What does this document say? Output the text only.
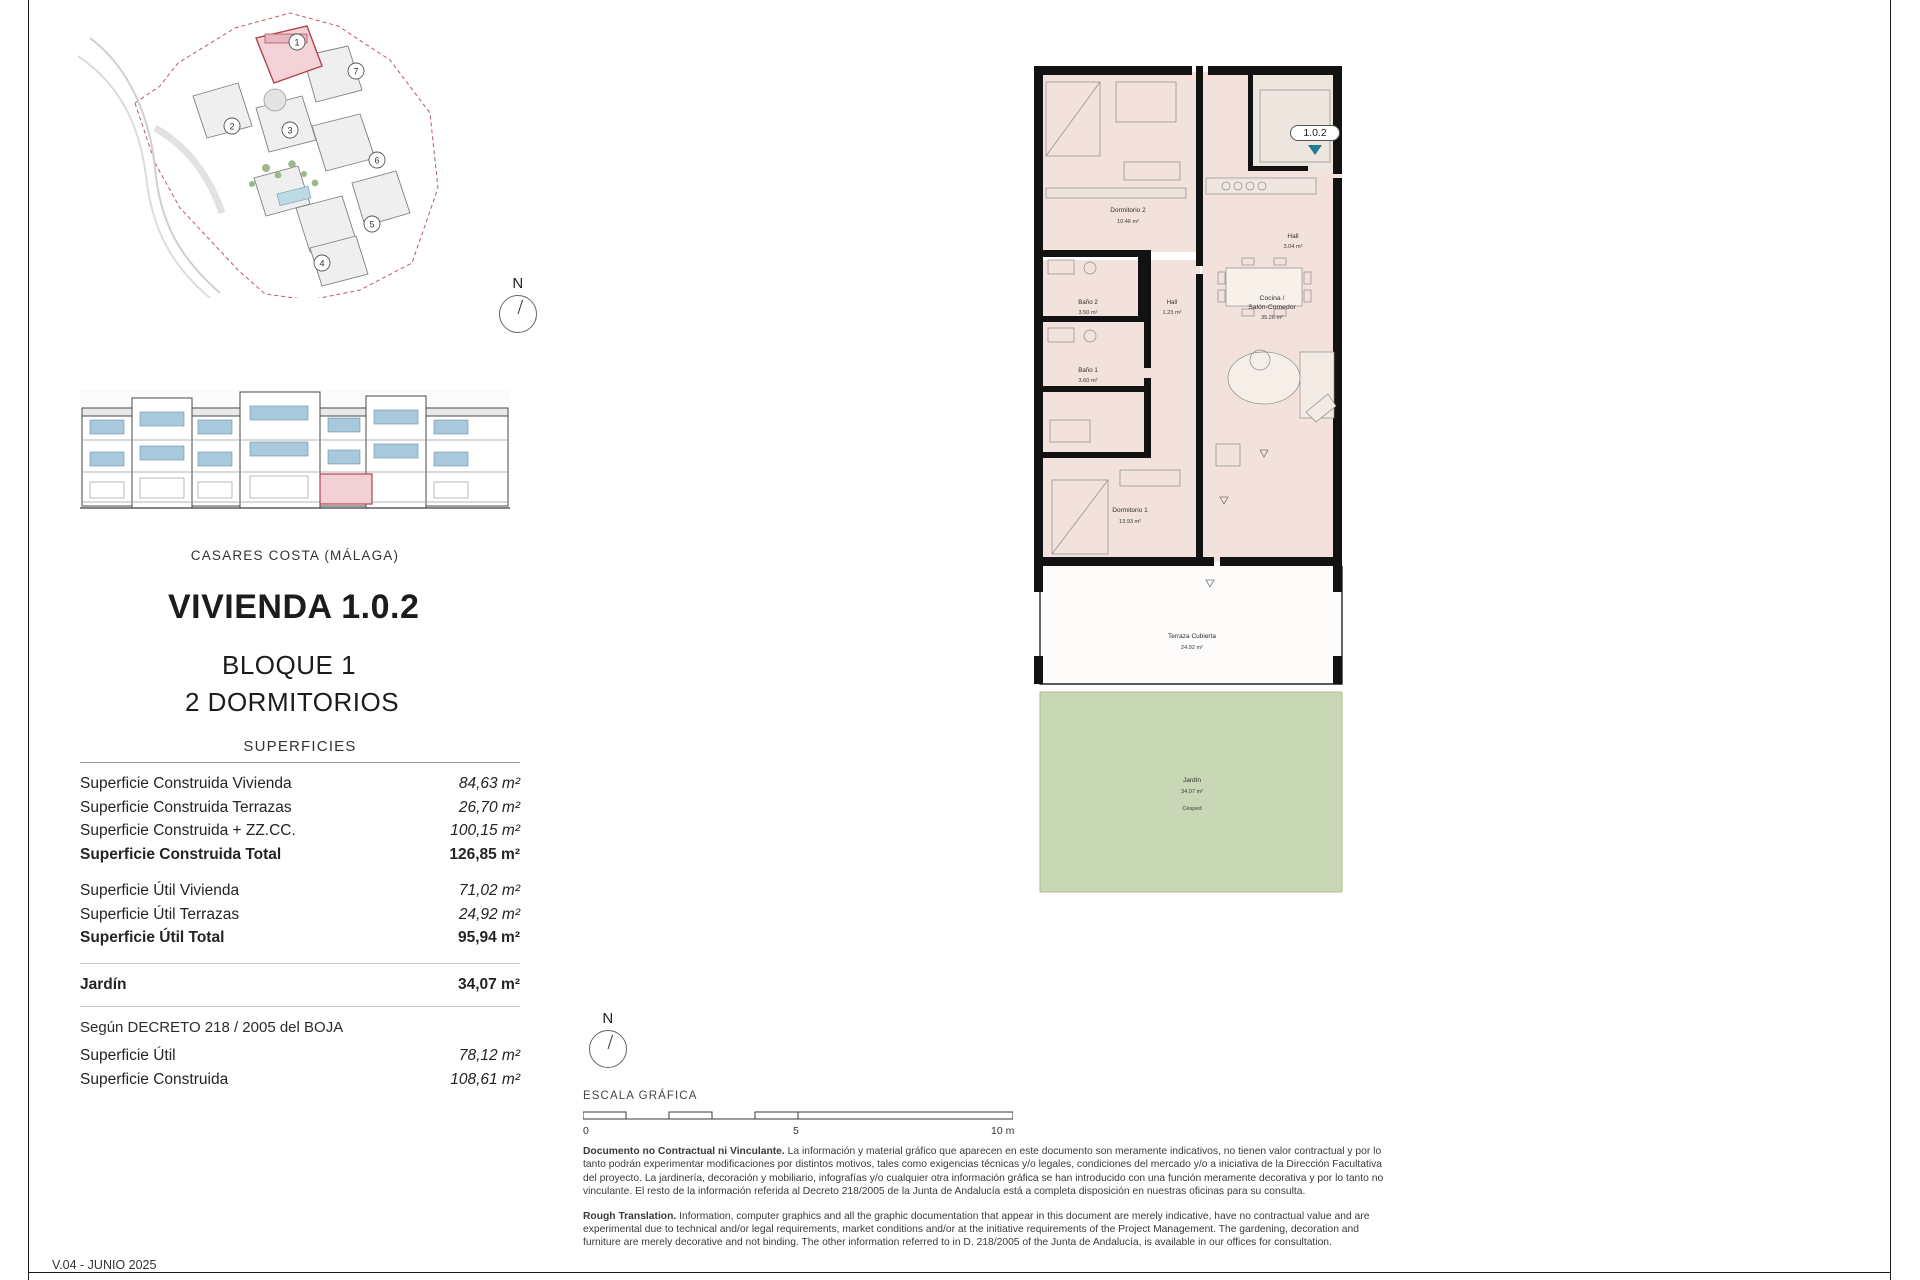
1
2	3
4
5
6
7
N
CASARES COSTA (MÁLAGA)
VIVIENDA 1.0.2
BLOQUE 1
2 DORMITORIOS
SUPERFICIES
Superficie Construida Vivienda	84,63 m²
Superficie Construida Terrazas	26,70 m²
Superficie Construida + ZZ.CC.	100,15 m²
Superficie Construida Total	126,85 m²
Superficie Útil Vivienda	71,02 m²
Superficie Útil Terrazas	24,92 m²
Superficie Útil Total	95,94 m²
Jardín	34,07 m²
Según DECRETO 218 / 2005 del BOJA
Superficie Útil	78,12 m²
Superficie Construida	108,61 m²
V.04 - JUNIO 2025
Dormitorio 2
10.46 m²
Hall
3.04 m²
Cocina /
Salón-Comedor
35.26 m²
Baño 2
3.50 m²
Hall
1.23 m²
Baño 1
3.60 m²
Dormitorio 1
13.93 m²
Terraza Cubierta
24.92 m²
Jardín
34.07 m²
Césped
1.0.2
N
ESCALA GRÁFICA
0	5	10 m

Documento no Contractual ni Vinculante. La información y material gráfico que aparecen en este documento son meramente indicativos, no tienen valor contractual y por lo tanto podrán experimentar modificaciones por distintos motivos, tales como exigencias técnicas y/o legales, condiciones del mercado y/o a iniciativa de la Dirección Facultativa del proyecto. La jardinería, decoración y mobiliario, infografías y/o cualquier otra información gráfica se han introducido con una función meramente decorativa y por lo tanto no vinculante. El resto de la información referida al Decreto 218/2005 de la Junta de Andalucía está a completa disposición en nuestras oficinas para su consulta.

Rough Translation. Information, computer graphics and all the graphic documentation that appear in this document are merely indicative, have no contractual value and are experimental due to technical and/or legal requirements, market conditions and/or at the initiative requirements of the Project Management. The gardening, decoration and furniture are merely decorative and not binding. The other information referred to in D. 218/2005 of the Junta de Andalucía, is available in our offices for consultation.
